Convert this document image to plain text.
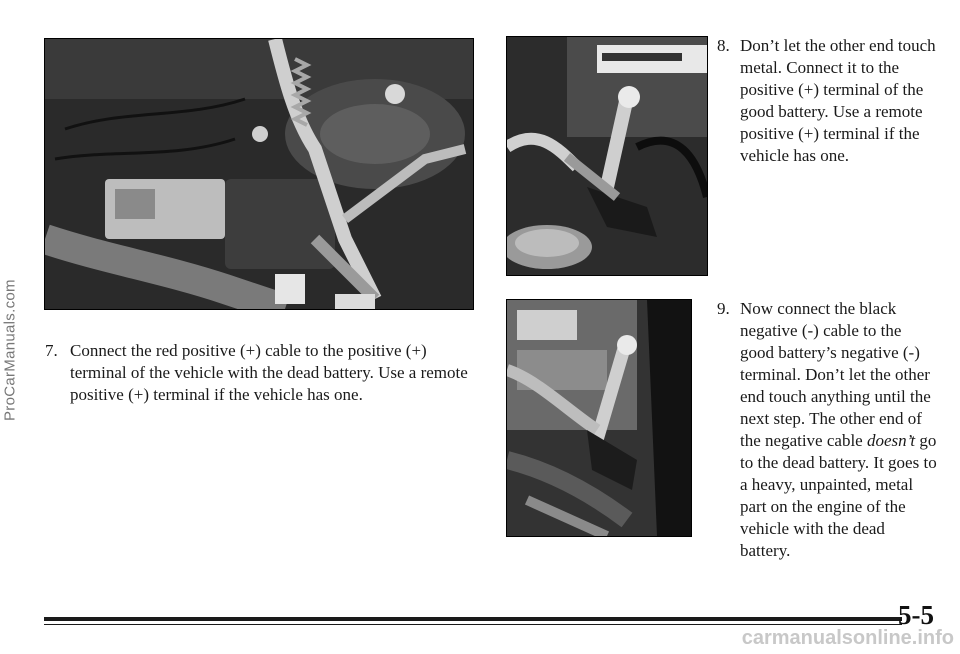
ProCarManuals.com 7. Connect the red positive (+) cable to the positive (+) terminal of the vehicle with the dead battery. Use a remote positive (+) terminal if the vehicle has one.
8. Don’t let the other end touch metal. Connect it to the positive (+) terminal of the good battery. Use a remote positive (+) terminal if the vehicle has one.
9. Now connect the black negative (-) cable to the good battery’s negative (-) terminal. Don’t let the other end touch anything until the next step. The other end of the negative cable doesn’t go to the dead battery. It goes to a heavy, unpainted, metal part on the engine of the vehicle with the dead battery.
5-5
carmanualsonline.info
